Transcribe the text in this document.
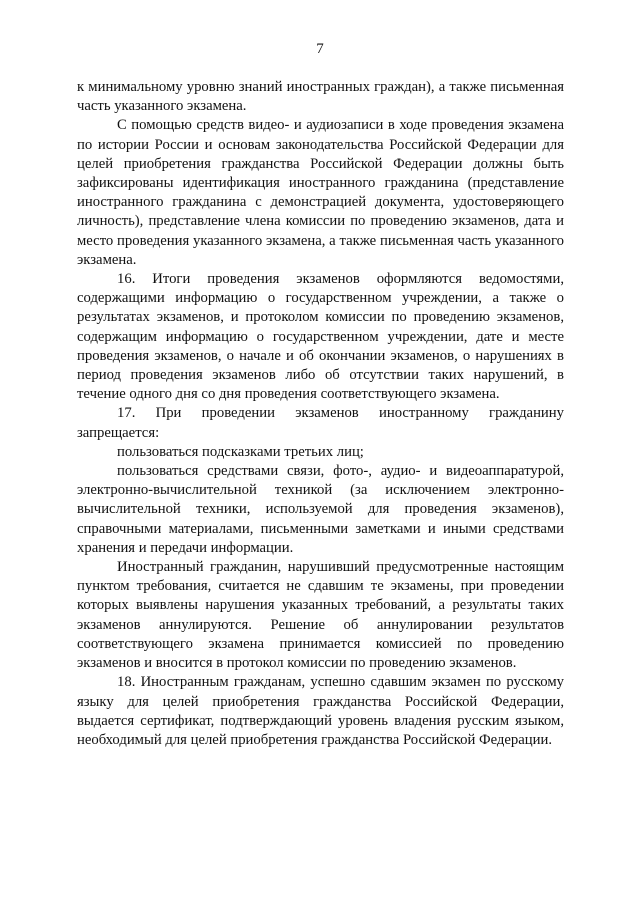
7

к минимальному уровню знаний иностранных граждан), а также письменная часть указанного экзамена.

С помощью средств видео- и аудиозаписи в ходе проведения экзамена по истории России и основам законодательства Российской Федерации для целей приобретения гражданства Российской Федерации должны быть зафиксированы идентификация иностранного гражданина (представление иностранного гражданина с демонстрацией документа, удостоверяющего личность), представление члена комиссии по проведению экзаменов, дата и место проведения указанного экзамена, а также письменная часть указанного экзамена.

16. Итоги проведения экзаменов оформляются ведомостями, содержащими информацию о государственном учреждении, а также о результатах экзаменов, и протоколом комиссии по проведению экзаменов, содержащим информацию о государственном учреждении, дате и месте проведения экзаменов, о начале и об окончании экзаменов, о нарушениях в период проведения экзаменов либо об отсутствии таких нарушений, в течение одного дня со дня проведения соответствующего экзамена.

17. При проведении экзаменов иностранному гражданину запрещается:

пользоваться подсказками третьих лиц;

пользоваться средствами связи, фото-, аудио- и видеоаппаратурой, электронно-вычислительной техникой (за исключением электронно-вычислительной техники, используемой для проведения экзаменов), справочными материалами, письменными заметками и иными средствами хранения и передачи информации.

Иностранный гражданин, нарушивший предусмотренные настоящим пунктом требования, считается не сдавшим те экзамены, при проведении которых выявлены нарушения указанных требований, а результаты таких экзаменов аннулируются. Решение об аннулировании результатов соответствующего экзамена принимается комиссией по проведению экзаменов и вносится в протокол комиссии по проведению экзаменов.

18. Иностранным гражданам, успешно сдавшим экзамен по русскому языку для целей приобретения гражданства Российской Федерации, выдается сертификат, подтверждающий уровень владения русским языком, необходимый для целей приобретения гражданства Российской Федерации.
